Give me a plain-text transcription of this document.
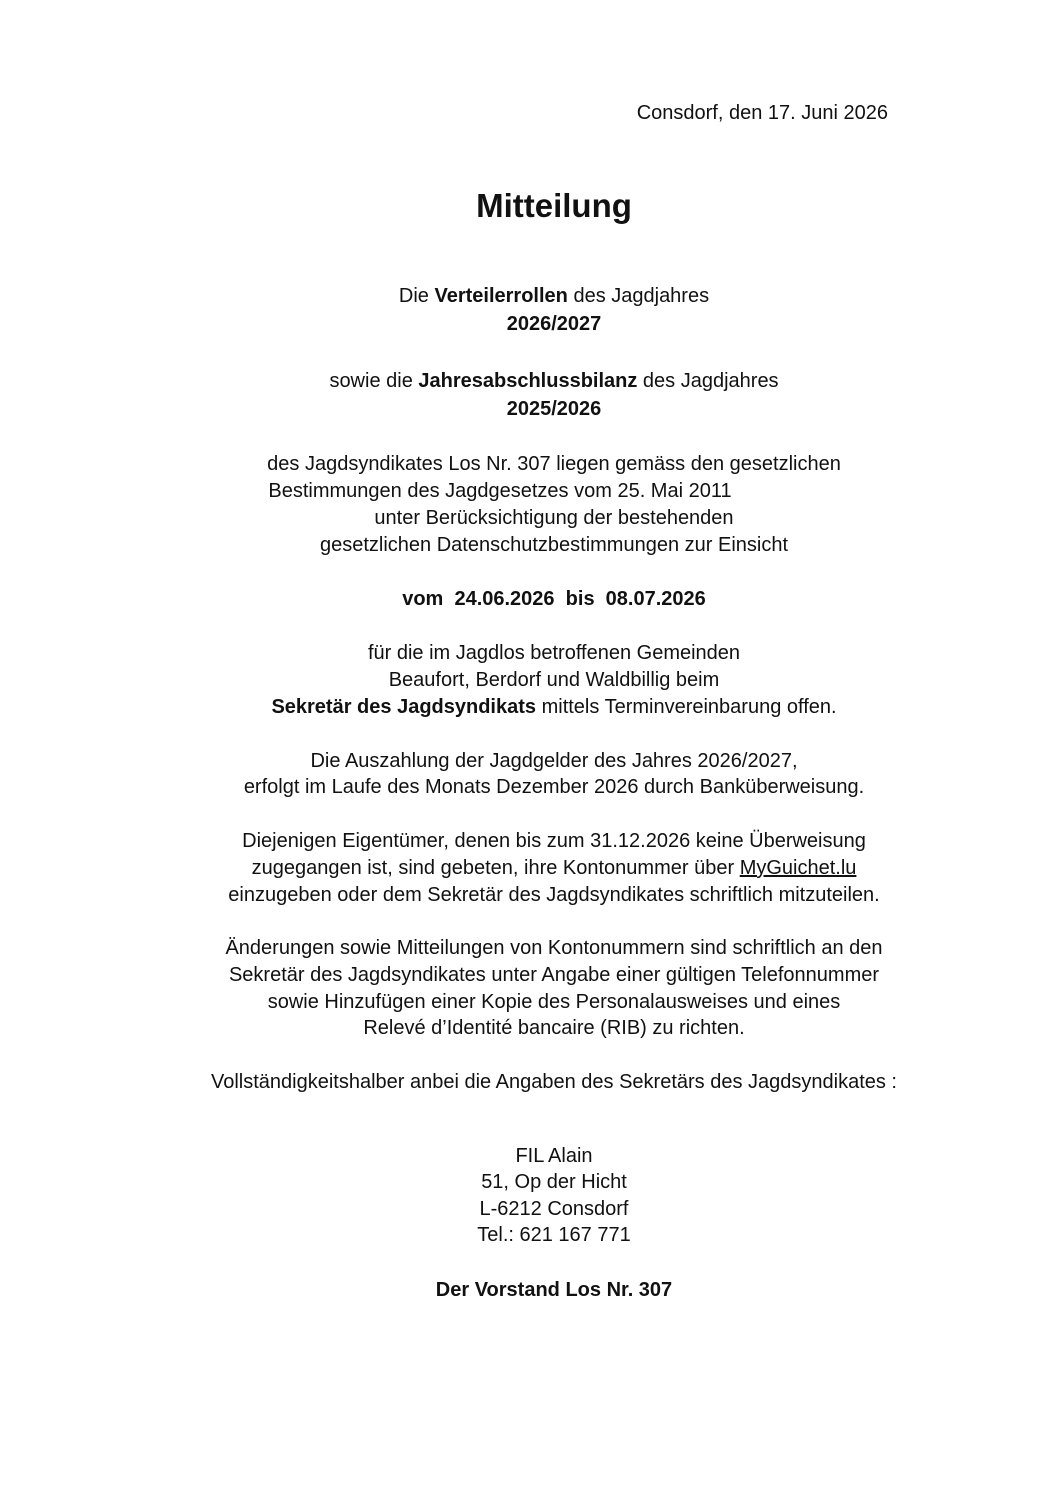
Consdorf, den 17. Juni 2026
Mitteilung
Die Verteilerrollen des Jagdjahres
2026/2027
sowie die Jahresabschlussbilanz des Jagdjahres
2025/2026
des Jagdsyndikates Los Nr. 307 liegen gemäss den gesetzlichen
Bestimmungen des Jagdgesetzes vom 25. Mai 2011
unter Berücksichtigung der bestehenden
gesetzlichen Datenschutzbestimmungen zur Einsicht
vom  24.06.2026  bis  08.07.2026
für die im Jagdlos betroffenen Gemeinden
Beaufort, Berdorf und Waldbillig beim
Sekretär des Jagdsyndikats mittels Terminvereinbarung offen.
Die Auszahlung der Jagdgelder des Jahres 2026/2027,
erfolgt im Laufe des Monats Dezember 2026 durch Banküberweisung.
Diejenigen Eigentümer, denen bis zum 31.12.2026 keine Überweisung
zugegangen ist, sind gebeten, ihre Kontonummer über MyGuichet.lu
einzugeben oder dem Sekretär des Jagdsyndikates schriftlich mitzuteilen.
Änderungen sowie Mitteilungen von Kontonummern sind schriftlich an den
Sekretär des Jagdsyndikates unter Angabe einer gültigen Telefonnummer
sowie Hinzufügen einer Kopie des Personalausweises und eines
Relevé d’Identité bancaire (RIB) zu richten.
Vollständigkeitshalber anbei die Angaben des Sekretärs des Jagdsyndikates :
FIL Alain
51, Op der Hicht
L-6212 Consdorf
Tel.: 621 167 771
Der Vorstand Los Nr. 307
